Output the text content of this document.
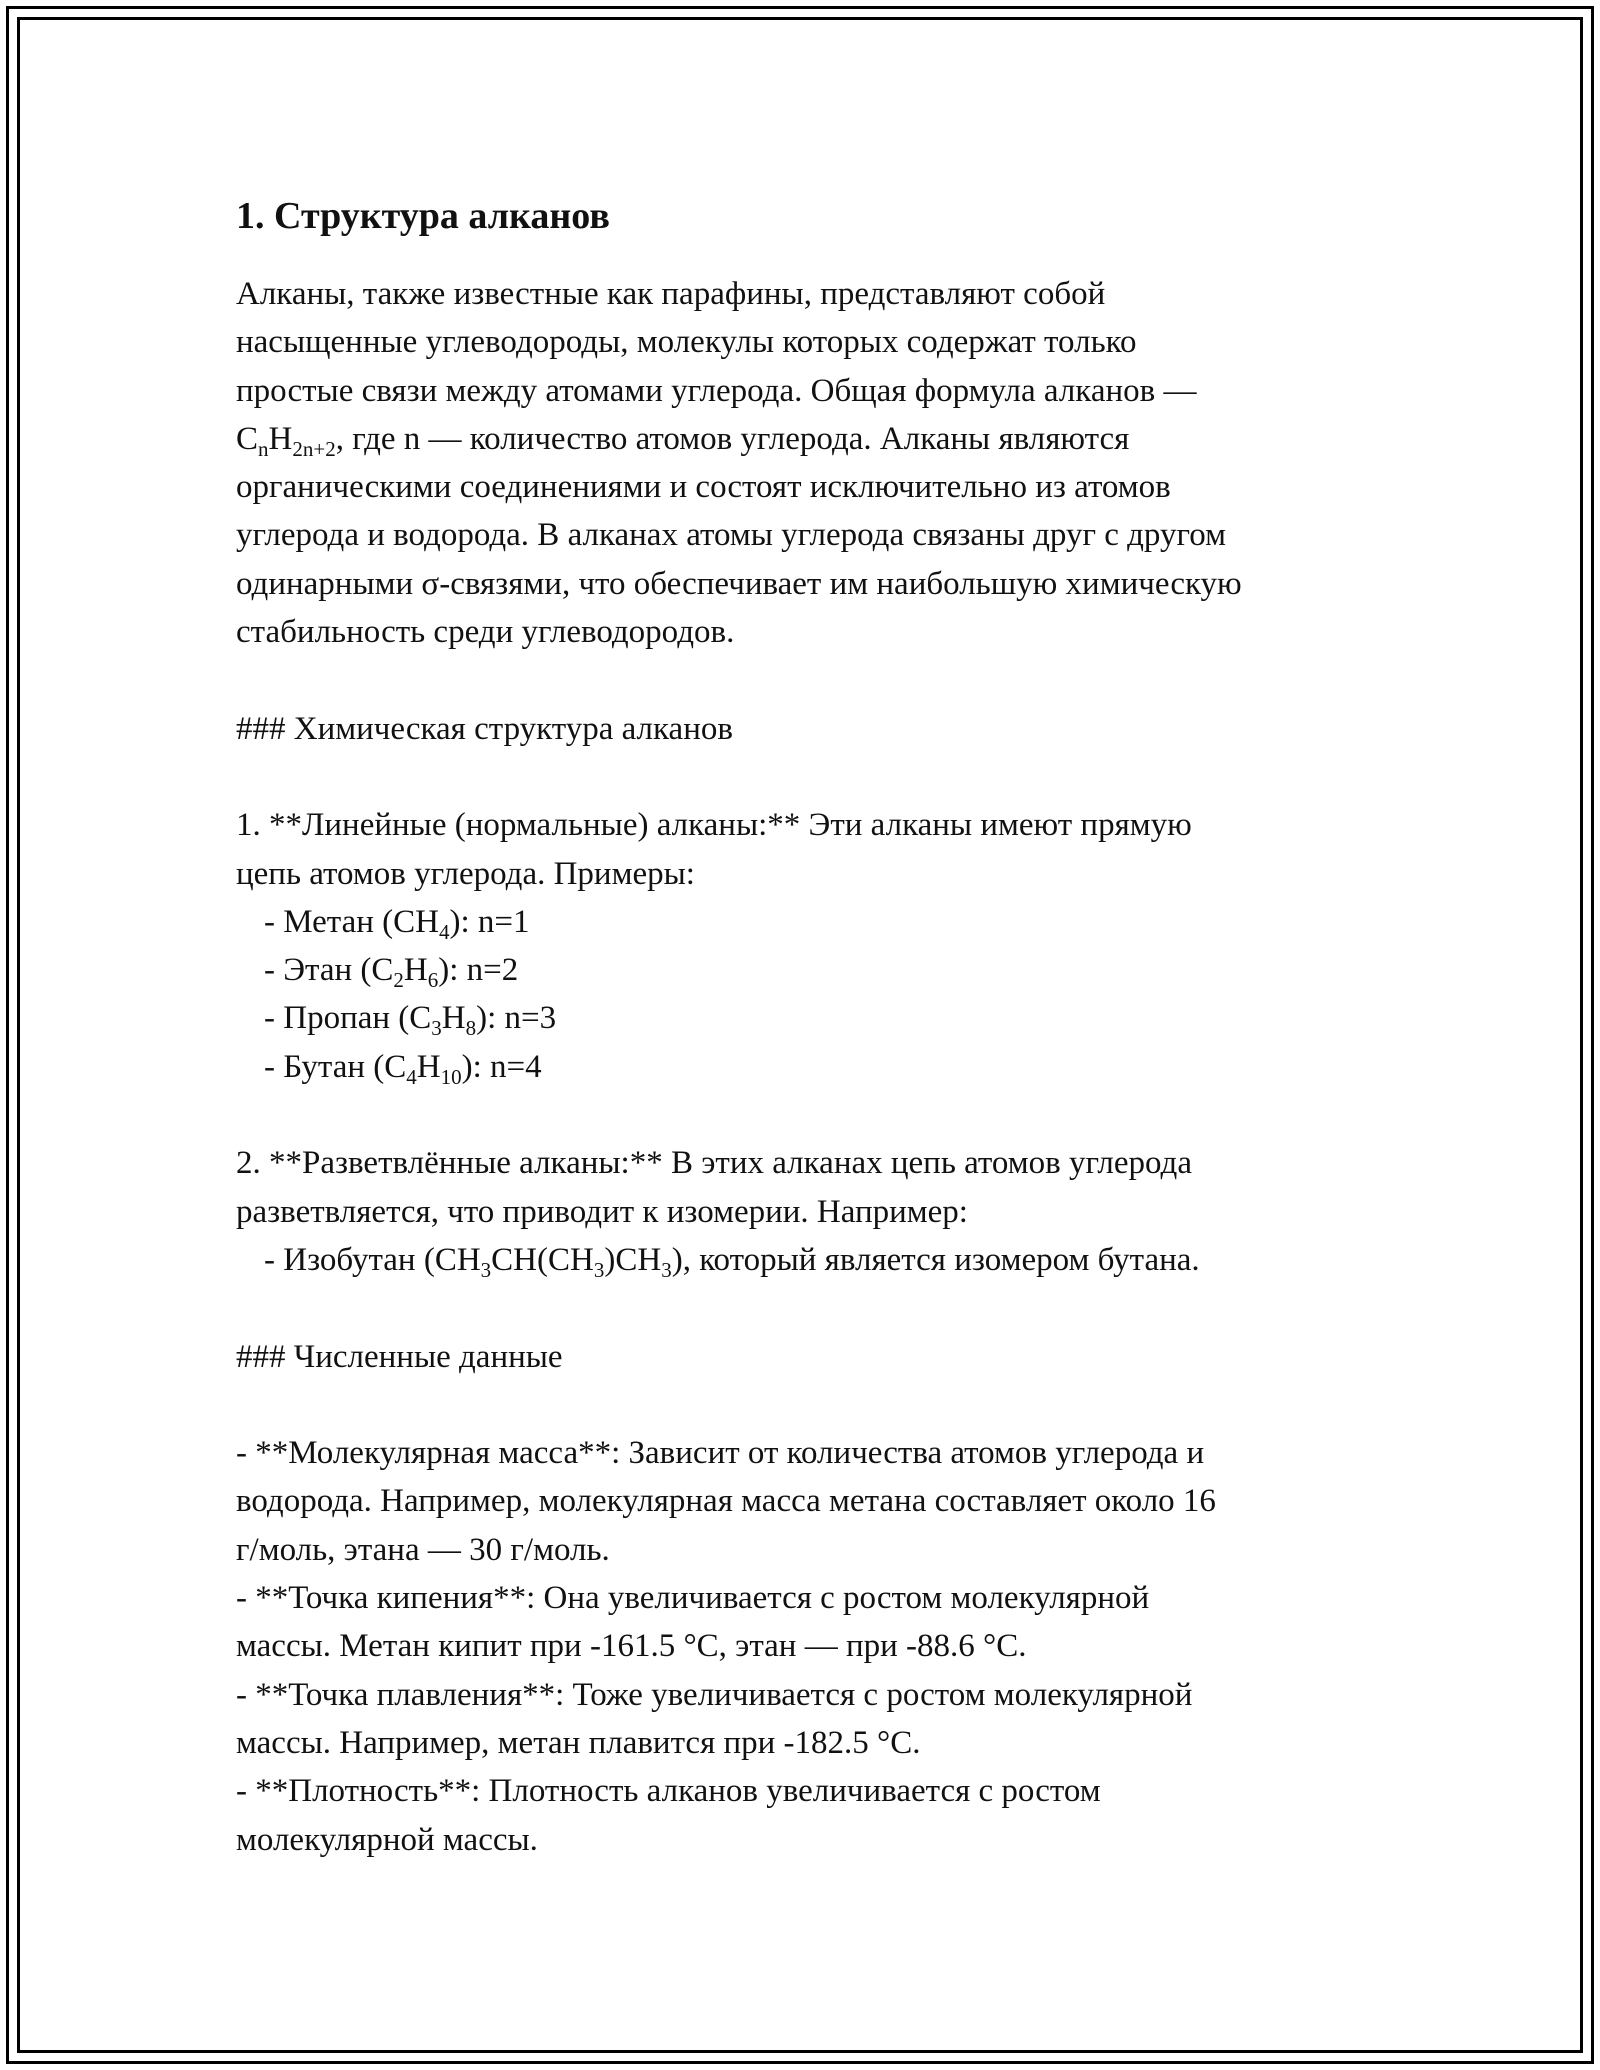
1. Структура алканов

Алканы, также известные как парафины, представляют собой

насыщенные углеводороды, молекулы которых содержат только

простые связи между атомами углерода. Общая формула алканов —

$C_nH_{2n+2}$, где n — количество атомов углерода. Алканы являются

органическими соединениями и состоят исключительно из атомов

углерода и водорода. В алканах атомы углерода связаны друг с другом

одинарными σ-связями, что обеспечивает им наибольшую химическую

стабильность среди углеводородов.

### Химическая структура алканов

1. **Линейные (нормальные) алканы:** Эти алканы имеют прямую

цепь атомов углерода. Примеры:

- Метан $(CH_4)$: n=1

- Этан $(C_2H_6)$: n=2

- Пропан $(C_3H_8)$: n=3

- Бутан $(C_4H_{10})$: n=4

2. **Разветвлённые алканы:** В этих алканах цепь атомов углерода

разветвляется, что приводит к изомерии. Например:

- Изобутан $(CH_3CH(CH_3)CH_3)$, который является изомером бутана.

### Численные данные

- **Молекулярная масса**: Зависит от количества атомов углерода и

водорода. Например, молекулярная масса метана составляет около 16

г/моль, этана — 30 г/моль.

- **Точка кипения**: Она увеличивается с ростом молекулярной

массы. Метан кипит при -161.5 °C, этан — при -88.6 °C.

- **Точка плавления**: Тоже увеличивается с ростом молекулярной

массы. Например, метан плавится при -182.5 °C.

- **Плотность**: Плотность алканов увеличивается с ростом

молекулярной массы.
